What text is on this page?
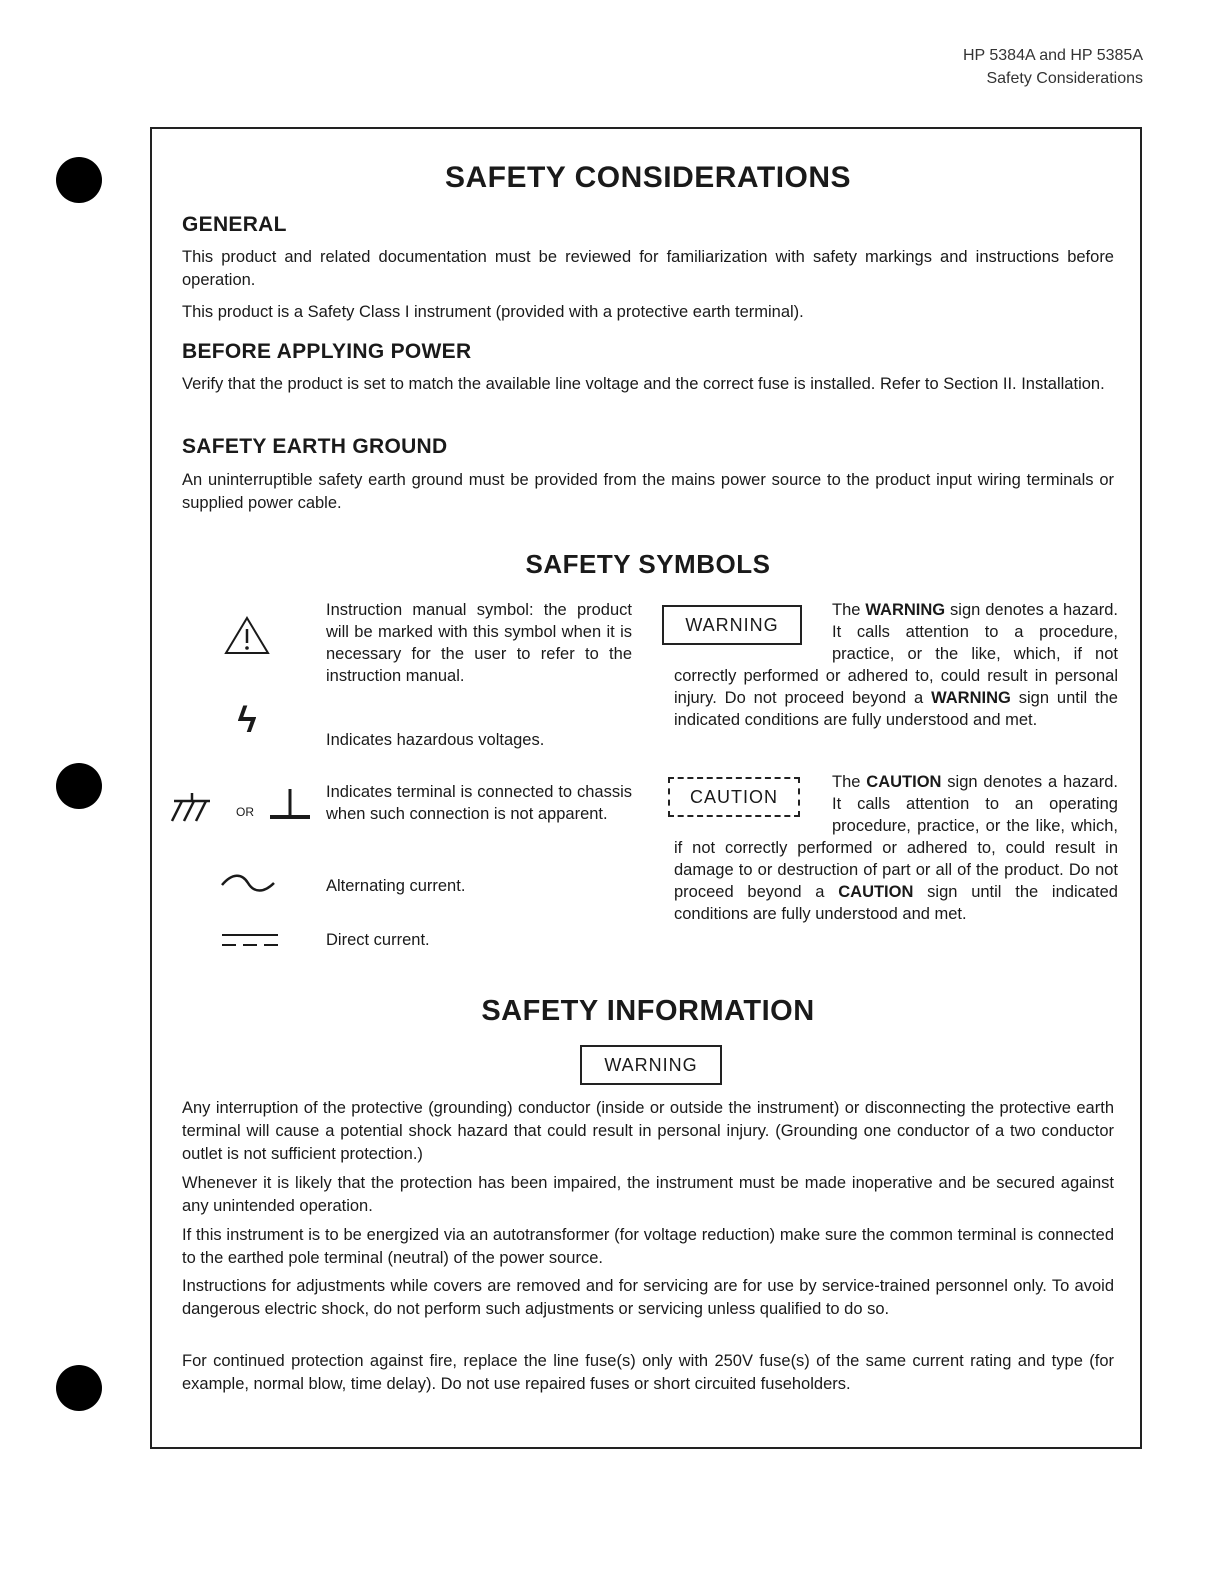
HP 5384A and HP 5385A
Safety Considerations
SAFETY CONSIDERATIONS
GENERAL

This product and related documentation must be reviewed for familiarization with safety markings and instructions before operation.

This product is a Safety Class I instrument (provided with a protective earth terminal).

BEFORE APPLYING POWER

Verify that the product is set to match the available line voltage and the correct fuse is installed. Refer to Section II. Installation.

SAFETY EARTH GROUND

An uninterruptible safety earth ground must be provided from the mains power source to the product input wiring terminals or supplied power cable.

SAFETY SYMBOLS
Instruction manual symbol: the product will be marked with this symbol when it is necessary for the user to refer to the instruction manual.
ϟ	Indicates hazardous voltages.
OR
Indicates terminal is connected to chassis when such connection is not apparent.
Alternating current.
Direct current.
The WARNING sign denotes a hazard. It calls attention to a procedure, practice, or the like, which, if not correctly performed or adhered to, could result in personal injury. Do not proceed beyond a WARNING sign until the indicated conditions are fully understood and met.
WARNING
The CAUTION sign denotes a hazard. It calls attention to an operating procedure, practice, or the like, which, if not correctly performed or adhered to, could result in damage to or destruction of part or all of the product. Do not proceed beyond a CAUTION sign until the indicated conditions are fully understood and met.
CAUTION
SAFETY INFORMATION
WARNING

Any interruption of the protective (grounding) conductor (inside or outside the instrument) or disconnecting the protective earth terminal will cause a potential shock hazard that could result in personal injury. (Grounding one conductor of a two conductor outlet is not sufficient protection.)

Whenever it is likely that the protection has been impaired, the instrument must be made inoperative and be secured against any unintended operation.

If this instrument is to be energized via an autotransformer (for voltage reduction) make sure the common terminal is connected to the earthed pole terminal (neutral) of the power source.

Instructions for adjustments while covers are removed and for servicing are for use by service-trained personnel only. To avoid dangerous electric shock, do not perform such adjustments or servicing unless qualified to do so.

For continued protection against fire, replace the line fuse(s) only with 250V fuse(s) of the same current rating and type (for example, normal blow, time delay). Do not use repaired fuses or short circuited fuseholders.
